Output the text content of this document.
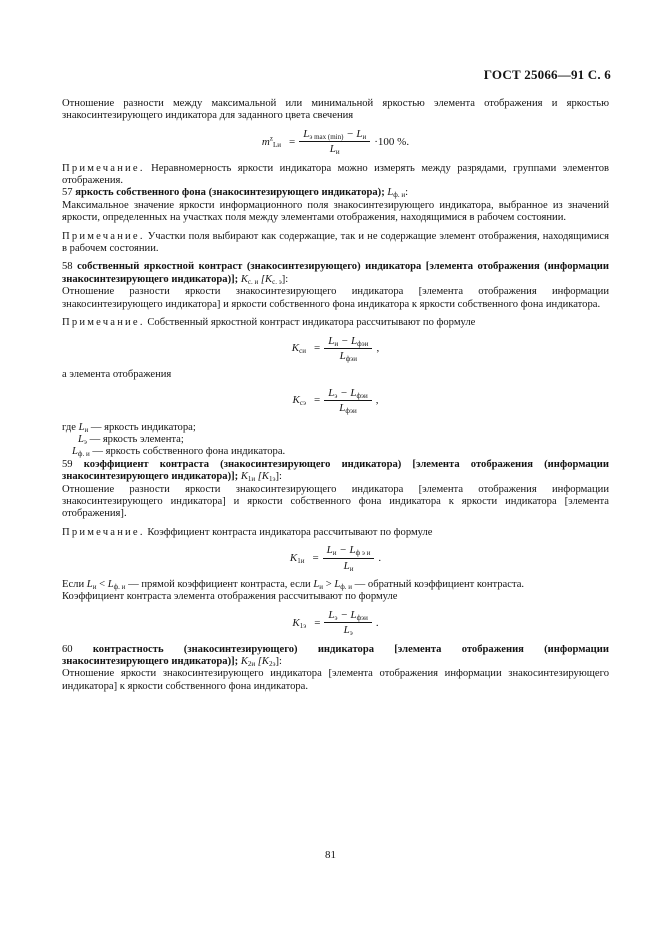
ГОСТ 25066—91 С. 6

Отношение разности между максимальной или минимальной яркостью элемента отображения и яркостью знакосинтезирующего индикатора для заданного цвета свечения

$m^z_{Lи} = \frac{L_{э max (min)} - L_и}{L_и} \cdot 100$ %.

Примечание. Неравномерность яркости индикатора можно измерять между разрядами, группами элементов отображения.

57 яркость собственного фона (знакосинтезирующего индикатора); $L_{ф. и}$:

Максимальное значение яркости информационного поля знакосинтезирующего индикатора, выбранное из значений яркости, определенных на участках поля между элементами отображения, находящимися в рабочем состоянии.

Примечание. Участки поля выбирают как содержащие, так и не содержащие элемент отображения, находящимися в рабочем состоянии.

58 собственный яркостной контраст (знакосинтезирующего) индикатора [элемента отображения (информации знакосинтезирующего индикатора)]; $K_{с. и}$ $[K_{с. э}]$:

Отношение разности яркости знакосинтезирующего индикатора [элемента отображения информации знакосинтезирующего индикатора] и яркости собственного фона индикатора к яркости собственного фона индикатора.

Примечание. Собственный яркостной контраст индикатора рассчитывают по формуле

$K_{си} = \frac{L_и - L_{фэи}}{L_{фэи}}$ ,

а элемента отображения

$K_{сэ} = \frac{L_э - L_{фэи}}{L_{фэи}}$ ,
где $L_и$ — яркость индикатора;
$L_э$ — яркость элемента;
$L_{ф. и}$ — яркость собственного фона индикатора.

59 коэффициент контраста (знакосинтезирующего индикатора) [элемента отображения (информации знакосинтезирующего индикатора)]; $K_{1и}$ $[K_{1э}]$:

Отношение разности яркости знакосинтезирующего индикатора [элемента отображения информации знакосинтезирующего индикатора] и яркости собственного фона индикатора к яркости индикатора [элемента отображения].

Примечание. Коэффициент контраста индикатора рассчитывают по формуле

$K_{1и} = \frac{L_и - L_{ф э и}}{L_и}$ .

Если $L_и < L_{ф. и}$ — прямой коэффициент контраста, если $L_и > L_{ф. и}$ — обратный коэффициент контраста.

Коэффициент контраста элемента отображения рассчитывают по формуле

$K_{1э} = \frac{L_э - L_{фэи}}{L_э}$ .

60 контрастность (знакосинтезирующего) индикатора [элемента отображения (информации знакосинтезирующего индикатора)]; $K_{2и}$ $[K_{2э}]$:

Отношение яркости знакосинтезирующего индикатора [элемента отображения информации знакосинтезирующего индикатора] к яркости собственного фона индикатора.

81
